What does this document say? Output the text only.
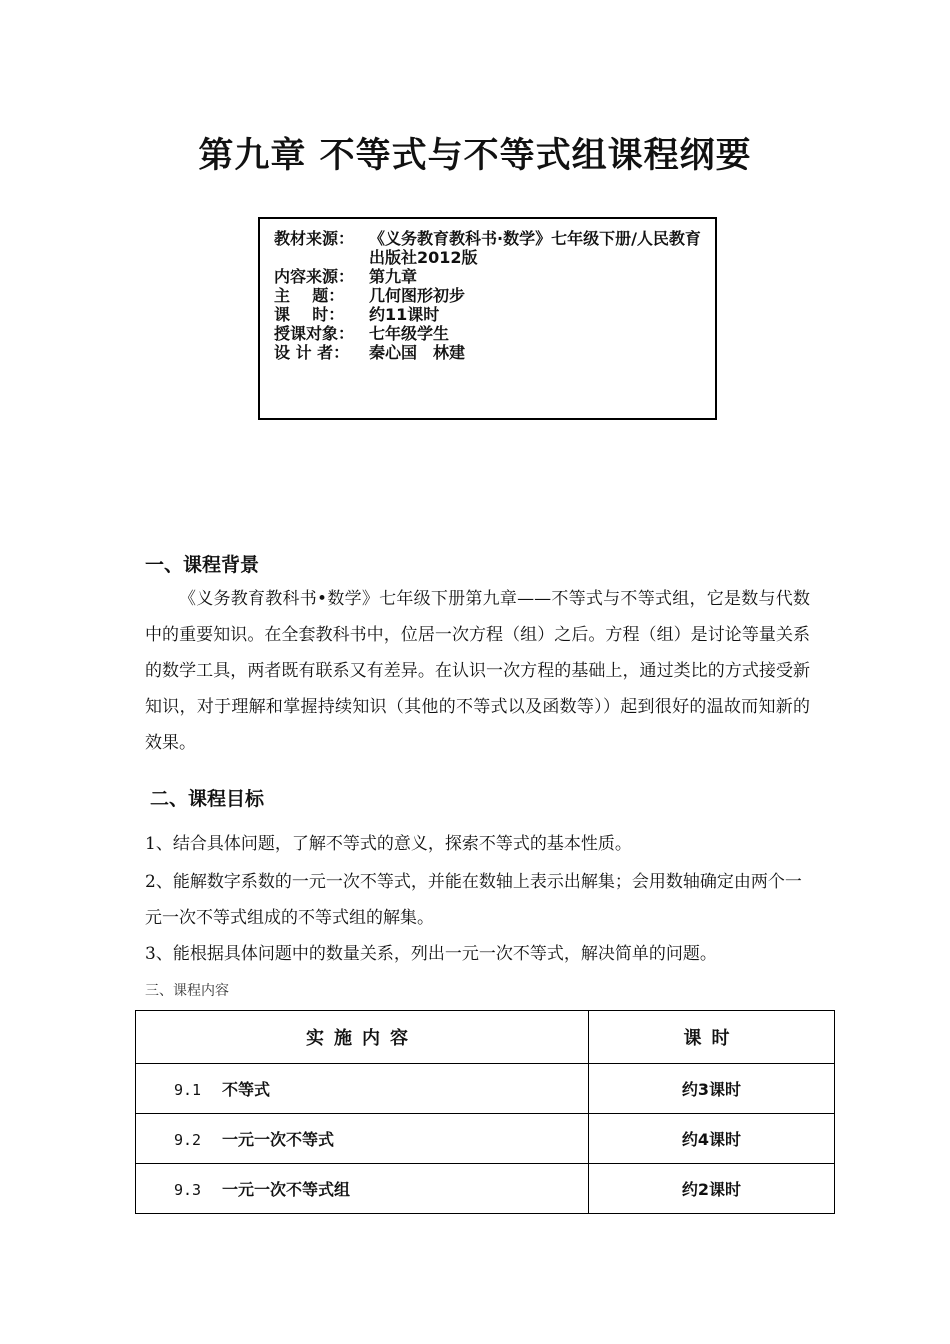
第九章 不等式与不等式组课程纲要
教材来源： 《义务教育教科书·数学》七年级下册/人民教育出版社2012版
内容来源： 第九章
主    题：	几何图形初步
课    时：	约11课时
授课对象： 七年级学生
设 计 者：	秦心国　林建
一、课程背景
《义务教育教科书•数学》七年级下册第九章——不等式与不等式组，它是数与代数中的重要知识。在全套教科书中，位居一次方程（组）之后。方程（组）是讨论等量关系的数学工具，两者既有联系又有差异。在认识一次方程的基础上，通过类比的方式接受新知识，对于理解和掌握持续知识（其他的不等式以及函数等））起到很好的温故而知新的效果。
二、课程目标
1、结合具体问题，了解不等式的意义，探索不等式的基本性质。
2、能解数字系数的一元一次不等式，并能在数轴上表示出解集；会用数轴确定由两个一元一次不等式组成的不等式组的解集。
3、能根据具体问题中的数量关系，列出一元一次不等式，解决简单的问题。
三、课程内容
实施内容	课时
9.1 不等式	约3课时
9.2 一元一次不等式	约4课时
9.3 一元一次不等式组	约2课时
